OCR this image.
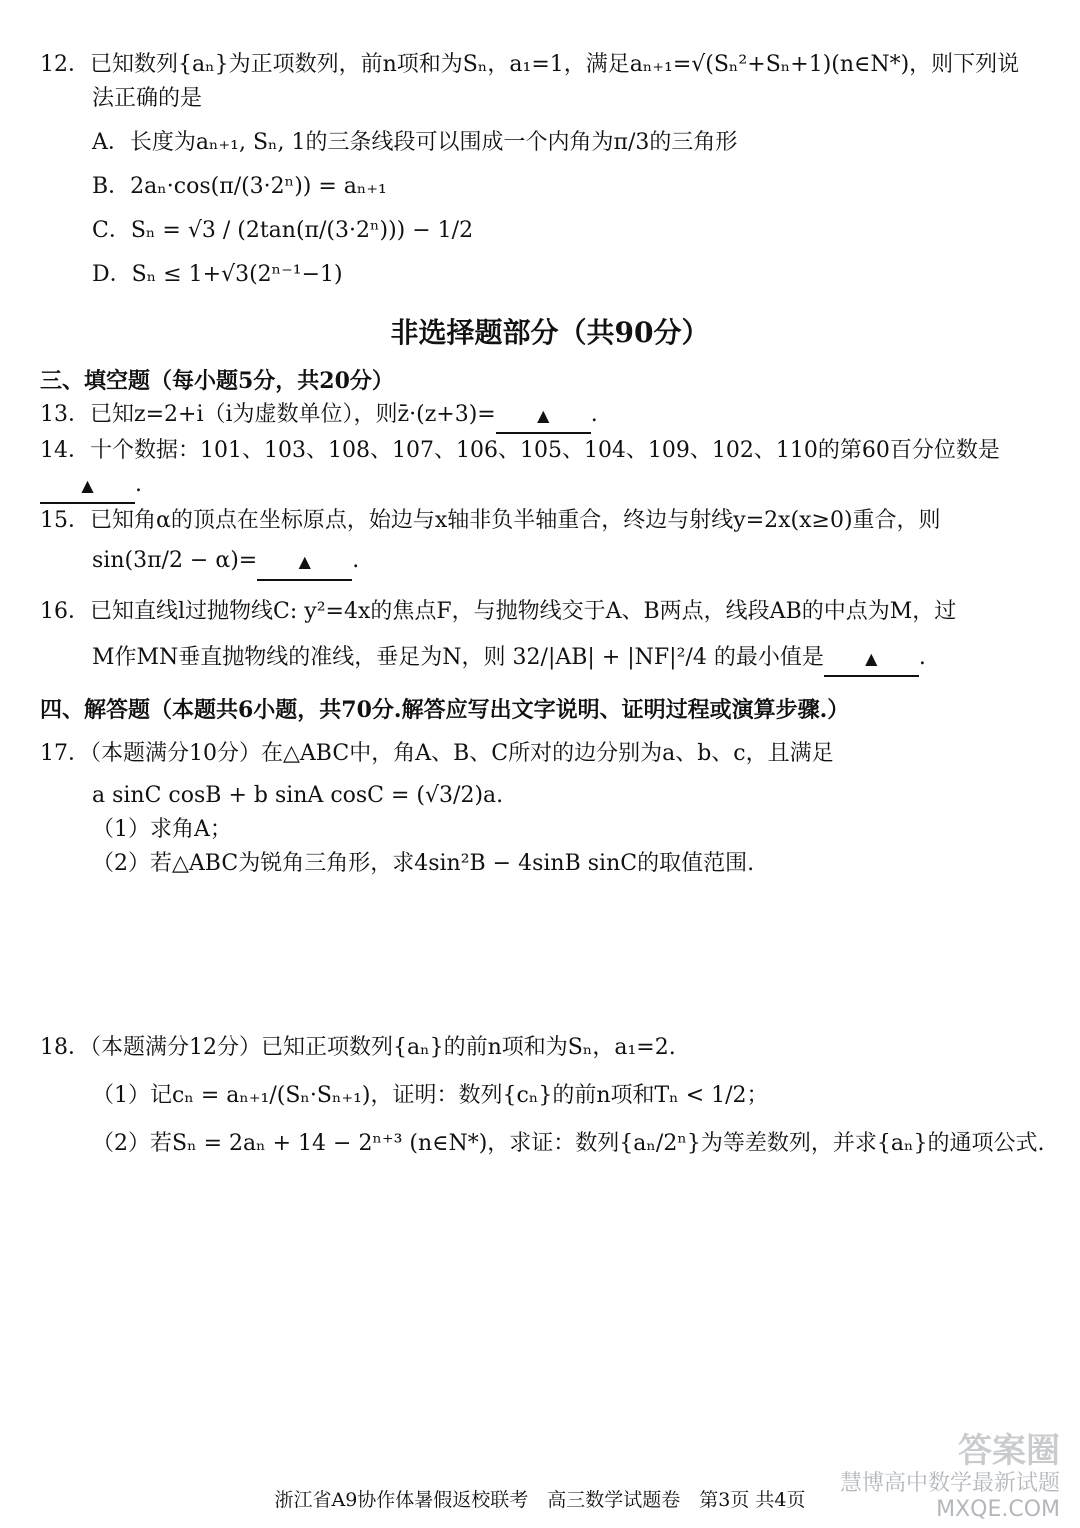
12．已知数列{aₙ}为正项数列，前n项和为Sₙ，a₁=1，满足aₙ₊₁=√(Sₙ²+Sₙ+1)(n∈N*)，则下列说

法正确的是

A．长度为aₙ₊₁, Sₙ, 1的三条线段可以围成一个内角为π/3的三角形
B．2aₙ·cos(π/(3·2ⁿ)) = aₙ₊₁
C．Sₙ = √3 / (2tan(π/(3·2ⁿ))) − 1/2
D．Sₙ ≤ 1+√3(2ⁿ⁻¹−1)
非选择题部分（共90分）
三、填空题（每小题5分，共20分）

13．已知z=2+i（i为虚数单位），则z̄·(z+3)=	▲ .

14．十个数据：101、103、108、107、106、105、104、109、102、110的第60百分位数是▲ .

15．已知角α的顶点在坐标原点，始边与x轴非负半轴重合，终边与射线y=2x(x≥0)重合，则

sin(3π/2 − α)=	▲ .

16．已知直线l过抛物线C: y²=4x的焦点F，与抛物线交于A、B两点，线段AB的中点为M，过

M作MN垂直抛物线的准线，垂足为N，则 32/|AB| + |NF|²/4 的最小值是	▲ .

四、解答题（本题共6小题，共70分.解答应写出文字说明、证明过程或演算步骤.）

17．（本题满分10分）在△ABC中，角A、B、C所对的边分别为a、b、c，且满足

a sinC cosB + b sinA cosC = (√3/2)a.

（1）求角A；

（2）若△ABC为锐角三角形，求4sin²B − 4sinB sinC的取值范围.

18．（本题满分12分）已知正项数列{aₙ}的前n项和为Sₙ，a₁=2.

（1）记cₙ = aₙ₊₁/(Sₙ·Sₙ₊₁)，证明：数列{cₙ}的前n项和Tₙ < 1/2；

（2）若Sₙ = 2aₙ + 14 − 2ⁿ⁺³ (n∈N*)，求证：数列{aₙ/2ⁿ}为等差数列，并求{aₙ}的通项公式.

浙江省A9协作体暑假返校联考　高三数学试题卷　第3页 共4页
答案圈
慧博高中数学最新试题
MXQE.COM
